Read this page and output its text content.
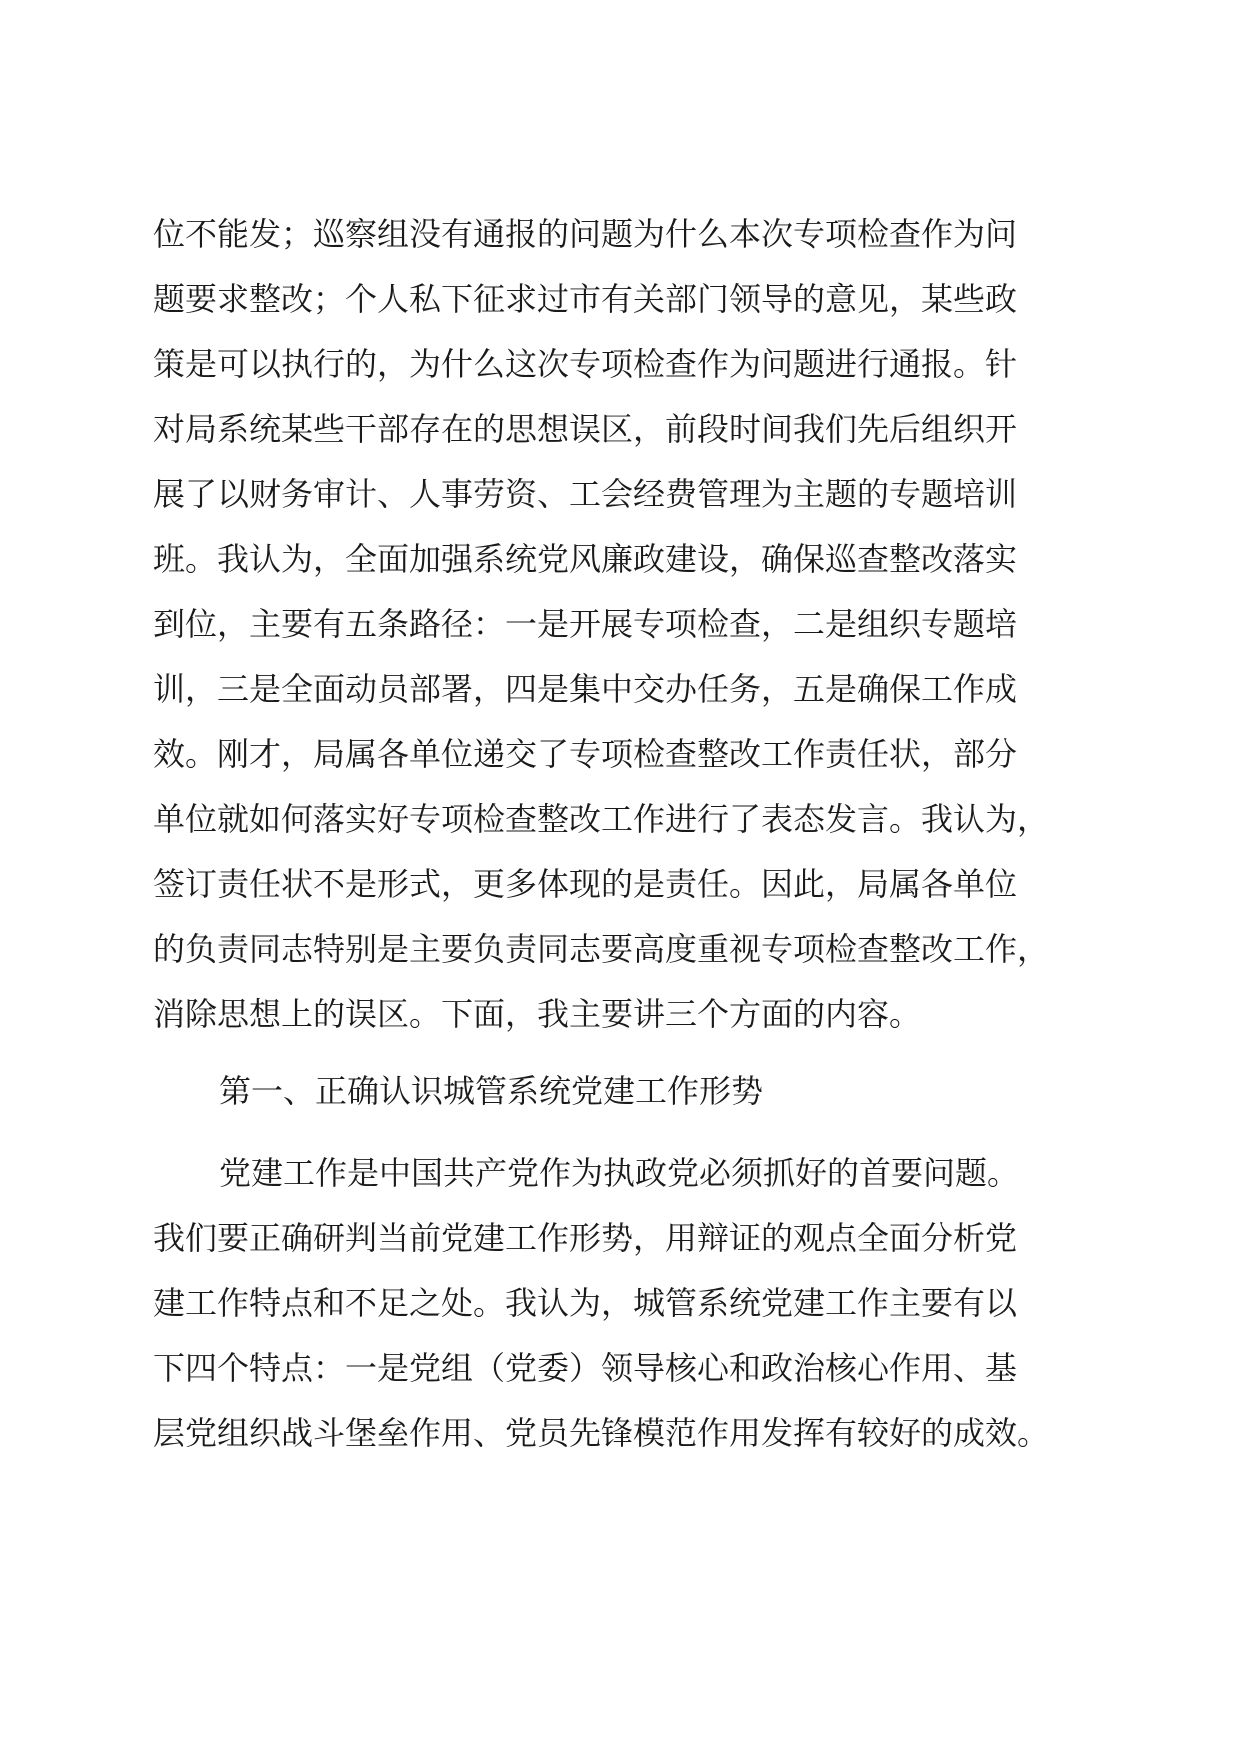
位不能发；巡察组没有通报的问题为什么本次专项检查作为问
题要求整改；个人私下征求过市有关部门领导的意见，某些政
策是可以执行的，为什么这次专项检查作为问题进行通报。针
对局系统某些干部存在的思想误区，前段时间我们先后组织开
展了以财务审计、人事劳资、工会经费管理为主题的专题培训
班。我认为，全面加强系统党风廉政建设，确保巡查整改落实
到位，主要有五条路径：一是开展专项检查，二是组织专题培
训，三是全面动员部署，四是集中交办任务，五是确保工作成
效。刚才，局属各单位递交了专项检查整改工作责任状，部分
单位就如何落实好专项检查整改工作进行了表态发言。我认为，
签订责任状不是形式，更多体现的是责任。因此，局属各单位
的负责同志特别是主要负责同志要高度重视专项检查整改工作，
消除思想上的误区。下面，我主要讲三个方面的内容。
第一、正确认识城管系统党建工作形势
党建工作是中国共产党作为执政党必须抓好的首要问题。
我们要正确研判当前党建工作形势，用辩证的观点全面分析党
建工作特点和不足之处。我认为，城管系统党建工作主要有以
下四个特点：一是党组（党委）领导核心和政治核心作用、基
层党组织战斗堡垒作用、党员先锋模范作用发挥有较好的成效。
